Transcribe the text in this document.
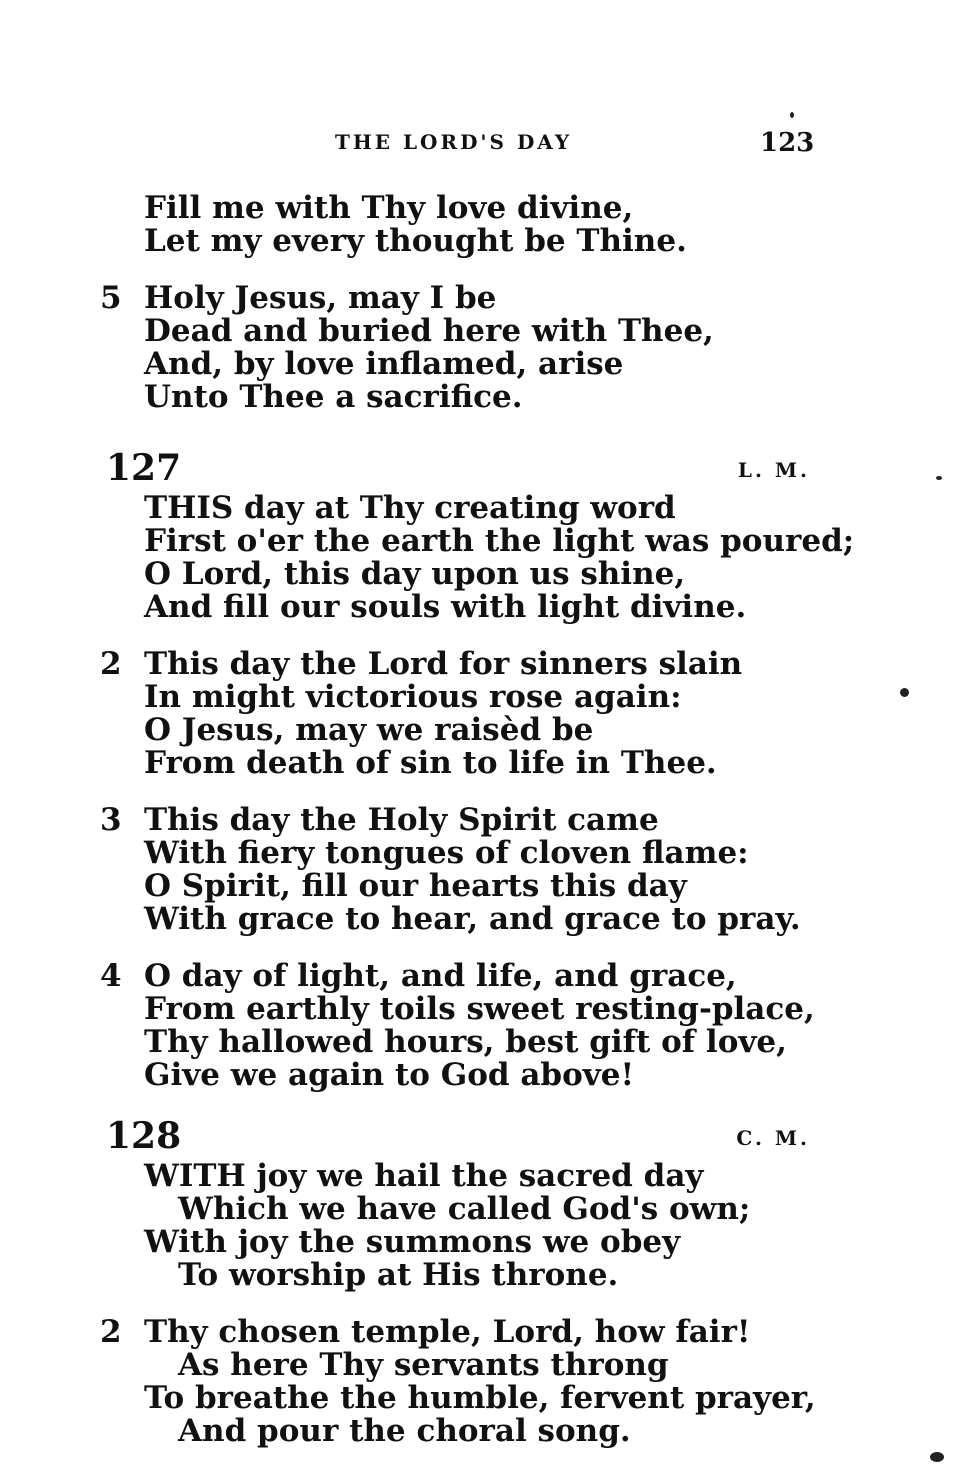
THE LORD'S DAY	123
Fill me with Thy love divine,
Let my every thought be Thine.
5 Holy Jesus, may I be
Dead and buried here with Thee,
And, by love inflamed, arise
Unto Thee a sacrifice.
127	L. M.
THIS day at Thy creating word
First o'er the earth the light was poured;
O Lord, this day upon us shine,
And fill our souls with light divine.
2 This day the Lord for sinners slain
In might victorious rose again:
O Jesus, may we raisèd be
From death of sin to life in Thee.
3 This day the Holy Spirit came
With fiery tongues of cloven flame:
O Spirit, fill our hearts this day
With grace to hear, and grace to pray.
4 O day of light, and life, and grace,
From earthly toils sweet resting-place,
Thy hallowed hours, best gift of love,
Give we again to God above!
128	C. M.
WITH joy we hail the sacred day
Which we have called God's own;
With joy the summons we obey
To worship at His throne.
2 Thy chosen temple, Lord, how fair!
As here Thy servants throng
To breathe the humble, fervent prayer,
And pour the choral song.
